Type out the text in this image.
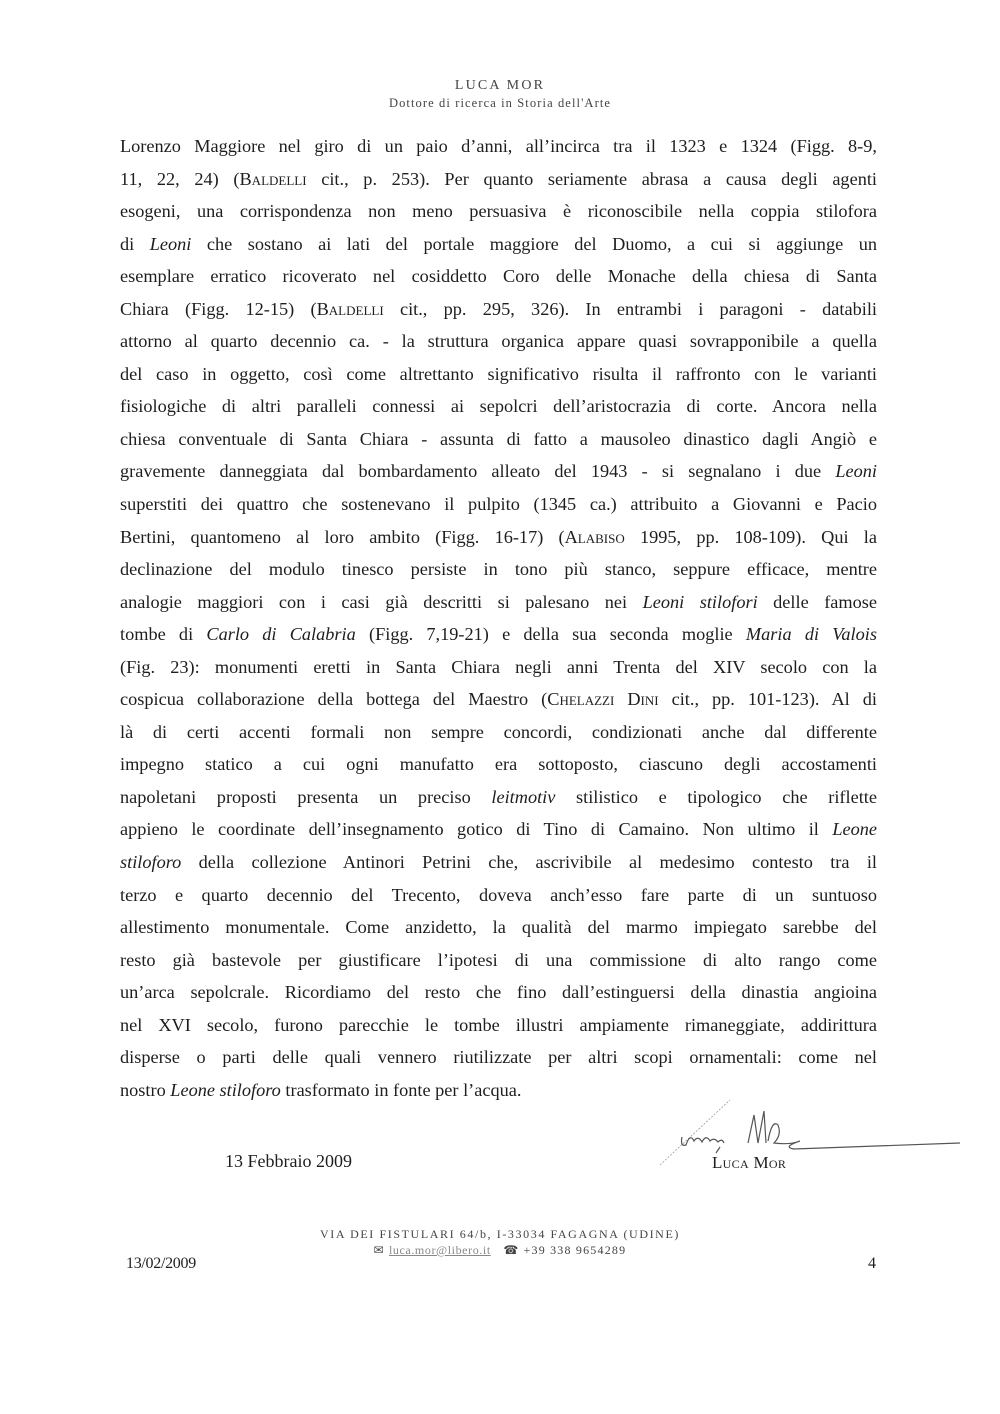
LUCA MOR
Dottore di ricerca in Storia dell'Arte
Lorenzo Maggiore nel giro di un paio d’anni, all’incirca tra il 1323 e 1324 (Figg. 8-9,
11, 22, 24) (Baldelli cit., p. 253). Per quanto seriamente abrasa a causa degli agenti
esogeni, una corrispondenza non meno persuasiva è riconoscibile nella coppia stilofora
di Leoni che sostano ai lati del portale maggiore del Duomo, a cui si aggiunge un
esemplare erratico ricoverato nel cosiddetto Coro delle Monache della chiesa di Santa
Chiara (Figg. 12-15) (Baldelli cit., pp. 295, 326). In entrambi i paragoni - databili
attorno al quarto decennio ca. - la struttura organica appare quasi sovrapponibile a quella
del caso in oggetto, così come altrettanto significativo risulta il raffronto con le varianti
fisiologiche di altri paralleli connessi ai sepolcri dell’aristocrazia di corte. Ancora nella
chiesa conventuale di Santa Chiara - assunta di fatto a mausoleo dinastico dagli Angiò e
gravemente danneggiata dal bombardamento alleato del 1943 - si segnalano i due Leoni
superstiti dei quattro che sostenevano il pulpito (1345 ca.) attribuito a Giovanni e Pacio
Bertini, quantomeno al loro ambito (Figg. 16-17) (Alabiso 1995, pp. 108-109). Qui la
declinazione del modulo tinesco persiste in tono più stanco, seppure efficace, mentre
analogie maggiori con i casi già descritti si palesano nei Leoni stilofori delle famose
tombe di Carlo di Calabria (Figg. 7,19-21) e della sua seconda moglie Maria di Valois
(Fig. 23): monumenti eretti in Santa Chiara negli anni Trenta del XIV secolo con la
cospicua collaborazione della bottega del Maestro (Chelazzi Dini cit., pp. 101-123). Al di
là di certi accenti formali non sempre concordi, condizionati anche dal differente
impegno statico a cui ogni manufatto era sottoposto, ciascuno degli accostamenti
napoletani proposti presenta un preciso leitmotiv stilistico e tipologico che riflette
appieno le coordinate dell’insegnamento gotico di Tino di Camaino. Non ultimo il Leone
stiloforo della collezione Antinori Petrini che, ascrivibile al medesimo contesto tra il
terzo e quarto decennio del Trecento, doveva anch’esso fare parte di un suntuoso
allestimento monumentale. Come anzidetto, la qualità del marmo impiegato sarebbe del
resto già bastevole per giustificare l’ipotesi di una commissione di alto rango come
un’arca sepolcrale. Ricordiamo del resto che fino dall’estinguersi della dinastia angioina
nel XVI secolo, furono parecchie le tombe illustri ampiamente rimaneggiate, addirittura
disperse o parti delle quali vennero riutilizzate per altri scopi ornamentali: come nel
nostro Leone stiloforo trasformato in fonte per l’acqua.
13 Febbraio 2009	Luca Mor
VIA DEI FISTULARI 64/b, I-33034 FAGAGNA (UDINE)
✉ luca.mor@libero.it ☎ +39 338 9654289
13/02/2009	4
